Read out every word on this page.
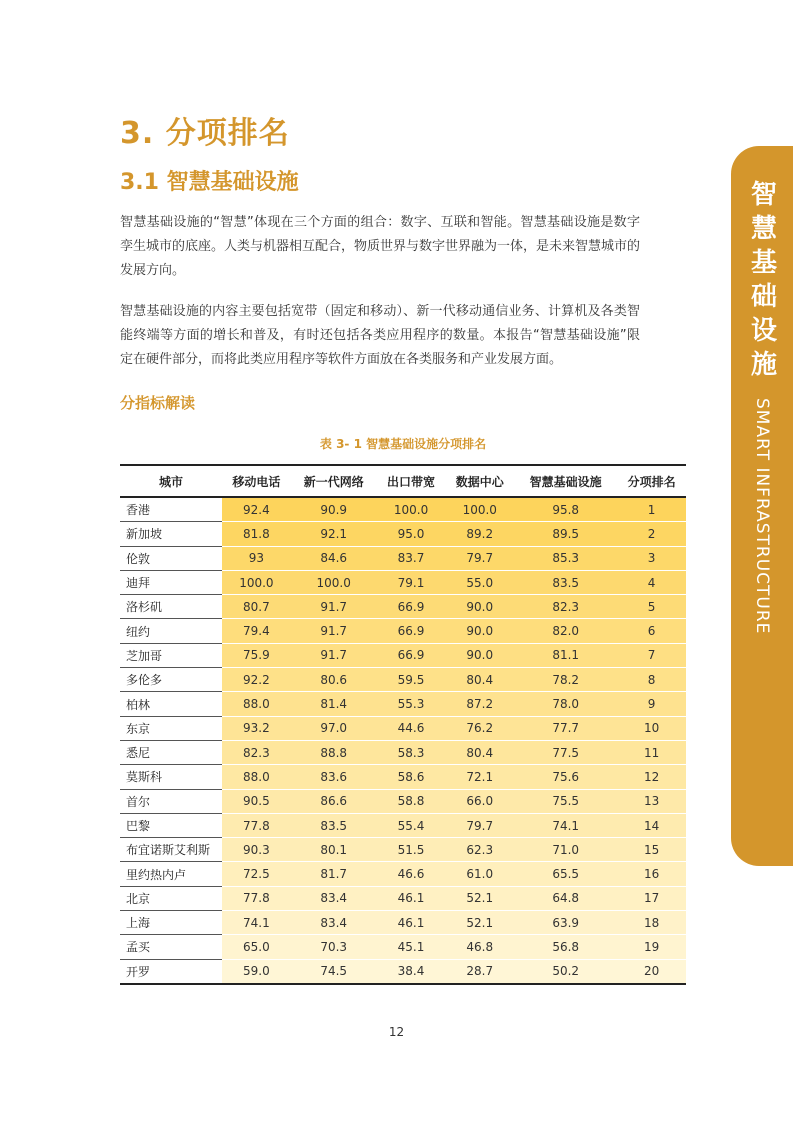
3. 分项排名
3.1 智慧基础设施

智慧基础设施的“智慧”体现在三个方面的组合：数字、互联和智能。智慧基础设施是数字孪生城市的底座。人类与机器相互配合，物质世界与数字世界融为一体，是未来智慧城市的发展方向。

智慧基础设施的内容主要包括宽带（固定和移动）、新一代移动通信业务、计算机及各类智能终端等方面的增长和普及，有时还包括各类应用程序的数量。本报告“智慧基础设施”限定在硬件部分，而将此类应用程序等软件方面放在各类服务和产业发展方面。

分指标解读

表 3- 1 智慧基础设施分项排名

城市	移动电话	新一代网络	出口带宽	数据中心	智慧基础设施	分项排名
香港	92.4	90.9	100.0	100.0	95.8	1
新加坡	81.8	92.1	95.0	89.2	89.5	2
伦敦	93	84.6	83.7	79.7	85.3	3
迪拜	100.0	100.0	79.1	55.0	83.5	4
洛杉矶	80.7	91.7	66.9	90.0	82.3	5
纽约	79.4	91.7	66.9	90.0	82.0	6
芝加哥	75.9	91.7	66.9	90.0	81.1	7
多伦多	92.2	80.6	59.5	80.4	78.2	8
柏林	88.0	81.4	55.3	87.2	78.0	9
东京	93.2	97.0	44.6	76.2	77.7	10
悉尼	82.3	88.8	58.3	80.4	77.5	11
莫斯科	88.0	83.6	58.6	72.1	75.6	12
首尔	90.5	86.6	58.8	66.0	75.5	13
巴黎	77.8	83.5	55.4	79.7	74.1	14
布宜诺斯艾利斯	90.3	80.1	51.5	62.3	71.0	15
里约热内卢	72.5	81.7	46.6	61.0	65.5	16
北京	77.8	83.4	46.1	52.1	64.8	17
上海	74.1	83.4	46.1	52.1	63.9	18
孟买	65.0	70.3	45.1	46.8	56.8	19
开罗	59.0	74.5	38.4	28.7	50.2	20
智慧基础设施
SMART INFRASTRUCTURE

12
